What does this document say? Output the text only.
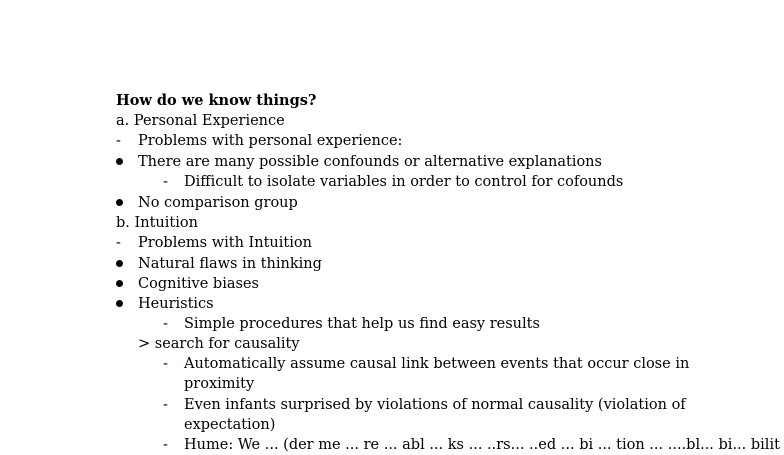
How do we know things?
a. Personal Experience
- Problems with personal experience:
There are many possible confounds or alternative explanations
- Difficult to isolate variables in order to control for cofounds
No comparison group
b. Intuition
- Problems with Intuition
Natural flaws in thinking
Cognitive biases
Heuristics
- Simple procedures that help us find easy results
> search for causality
- Automatically assume causal link between events that occur close in
proximity
- Even infants surprised by violations of normal causality (violation of
expectation)
- Hume: We ... (der me ... re ... abl ... ks ... ..rs... ..ed ... bi ... tion ... ....bl... bi... bilit
